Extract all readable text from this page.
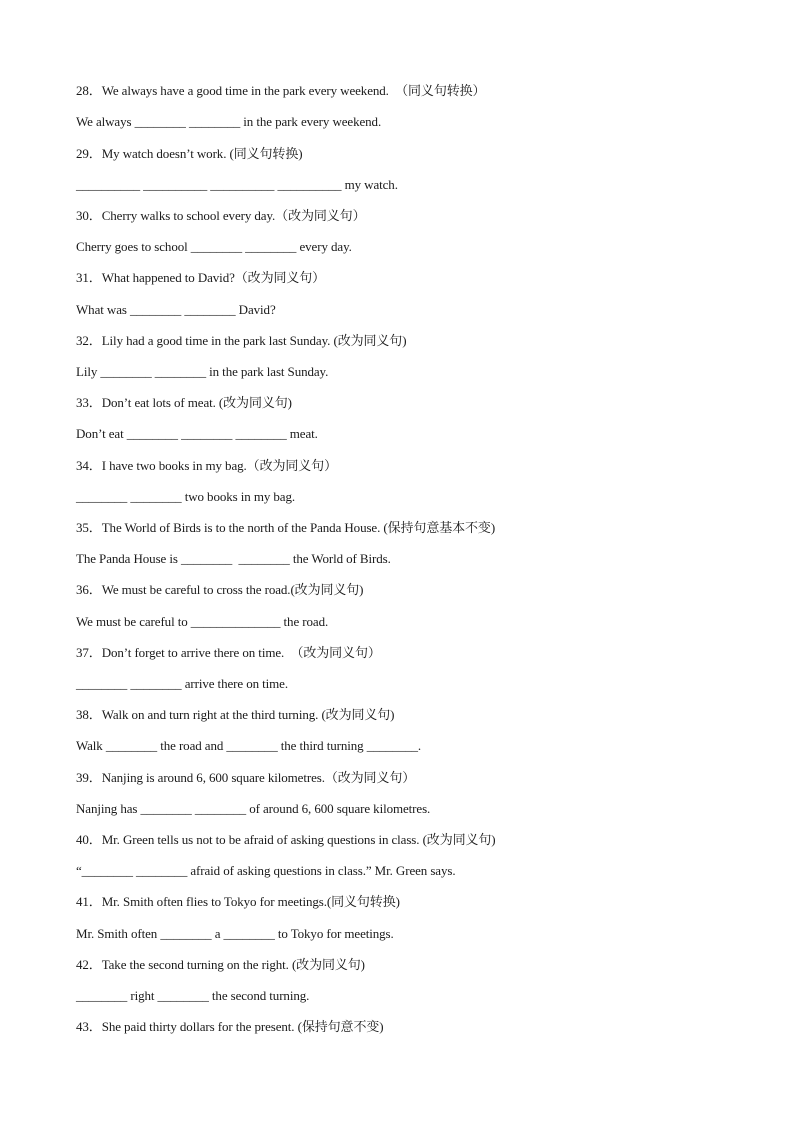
28．We always have a good time in the park every weekend.  （同义句转换）

We always ________ ________ in the park every weekend.

29．My watch doesn’t work. (同义句转换)

__________ __________ __________ __________ my watch.

30．Cherry walks to school every day.（改为同义句）

Cherry goes to school ________ ________ every day.

31．What happened to David?（改为同义句）

What was ________ ________ David?

32．Lily had a good time in the park last Sunday. (改为同义句)

Lily ________ ________ in the park last Sunday.

33．Don’t eat lots of meat. (改为同义句)

Don’t eat ________ ________ ________ meat.

34．I have two books in my bag.（改为同义句）

________ ________ two books in my bag.

35．The World of Birds is to the north of the Panda House. (保持句意基本不变)

The Panda House is ________  ________ the World of Birds.

36．We must be careful to cross the road.(改为同义句)

We must be careful to ______________ the road.

37．Don’t forget to arrive there on time.  （改为同义句）

________ ________ arrive there on time.

38．Walk on and turn right at the third turning. (改为同义句)

Walk ________ the road and ________ the third turning ________.

39．Nanjing is around 6, 600 square kilometres.（改为同义句）

Nanjing has ________ ________ of around 6, 600 square kilometres.

40．Mr. Green tells us not to be afraid of asking questions in class. (改为同义句)

“________ ________ afraid of asking questions in class.” Mr. Green says.

41．Mr. Smith often flies to Tokyo for meetings.(同义句转换)

Mr. Smith often ________ a ________ to Tokyo for meetings.

42．Take the second turning on the right. (改为同义句)

________ right ________ the second turning.

43．She paid thirty dollars for the present. (保持句意不变)
